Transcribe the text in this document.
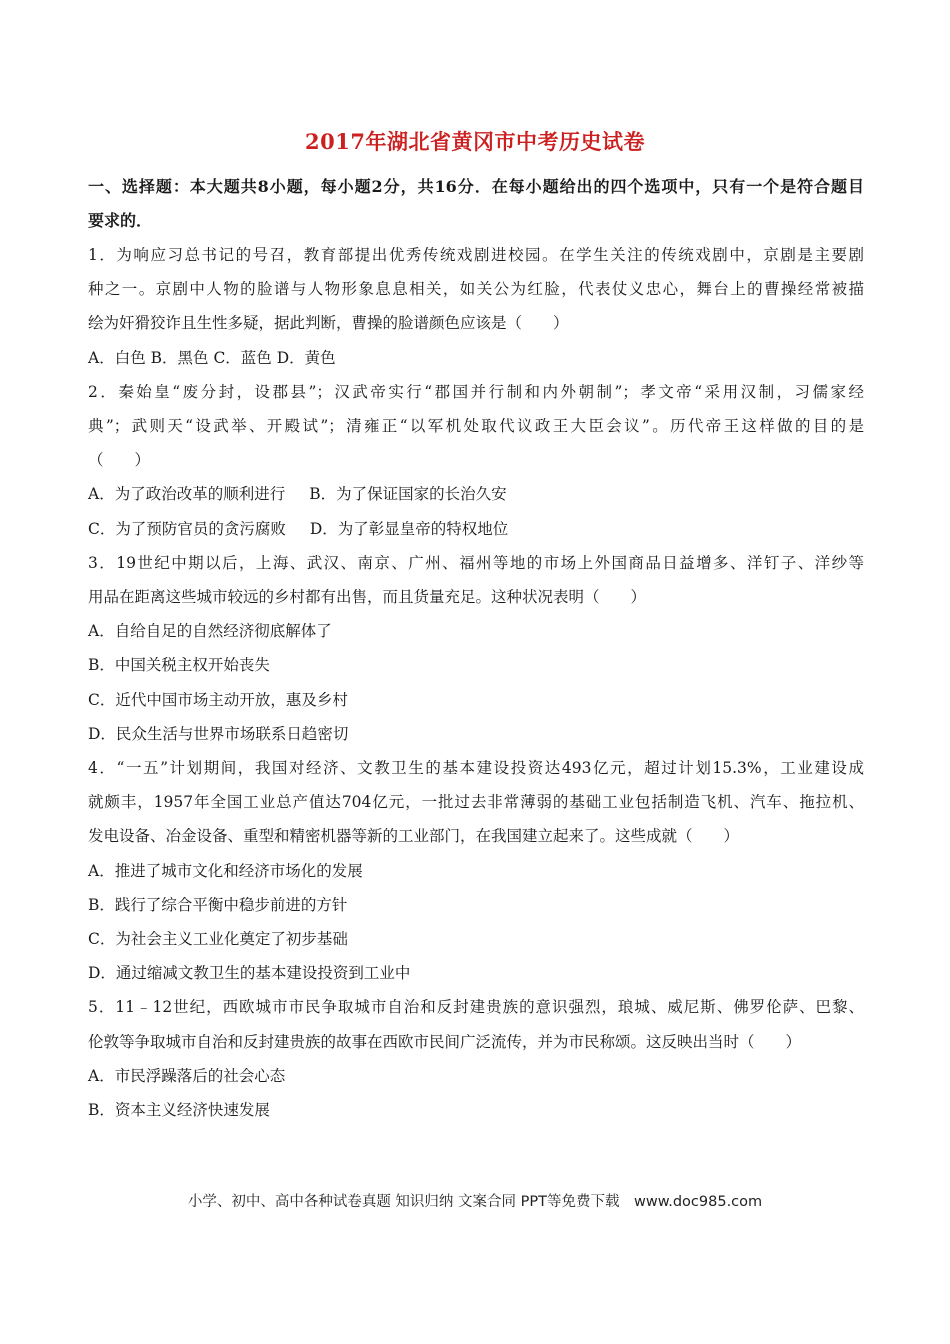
2017年湖北省黄冈市中考历史试卷

一、选择题：本大题共8小题，每小题2分，共16分．在每小题给出的四个选项中，只有一个是符合题目

要求的．

1．为响应习总书记的号召，教育部提出优秀传统戏剧进校园。在学生关注的传统戏剧中，京剧是主要剧

种之一。京剧中人物的脸谱与人物形象息息相关，如关公为红脸，代表仗义忠心，舞台上的曹操经常被描

绘为奸猾狡诈且生性多疑，据此判断，曹操的脸谱颜色应该是（　　）

A．白色 B．黑色 C．蓝色 D．黄色

2．秦始皇“废分封，设郡县”；汉武帝实行“郡国并行制和内外朝制”；孝文帝“采用汉制，习儒家经

典”；武则天“设武举、开殿试”；清雍正“以军机处取代议政王大臣会议”。历代帝王这样做的目的是

（　　）

A．为了政治改革的顺利进行 B．为了保证国家的长治久安

C．为了预防官员的贪污腐败 D．为了彰显皇帝的特权地位

3．19世纪中期以后，上海、武汉、南京、广州、福州等地的市场上外国商品日益增多、洋钉子、洋纱等

用品在距离这些城市较远的乡村都有出售，而且货量充足。这种状况表明（　　）

A．自给自足的自然经济彻底解体了

B．中国关税主权开始丧失

C．近代中国市场主动开放，惠及乡村

D．民众生活与世界市场联系日趋密切

4．“一五”计划期间，我国对经济、文教卫生的基本建设投资达493亿元，超过计划15.3%，工业建设成

就颇丰，1957年全国工业总产值达704亿元，一批过去非常薄弱的基础工业包括制造飞机、汽车、拖拉机、

发电设备、冶金设备、重型和精密机器等新的工业部门，在我国建立起来了。这些成就（　　）

A．推进了城市文化和经济市场化的发展

B．践行了综合平衡中稳步前进的方针

C．为社会主义工业化奠定了初步基础

D．通过缩减文教卫生的基本建设投资到工业中

5．11﹣12世纪，西欧城市市民争取城市自治和反封建贵族的意识强烈，琅城、威尼斯、佛罗伦萨、巴黎、

伦敦等争取城市自治和反封建贵族的故事在西欧市民间广泛流传，并为市民称颂。这反映出当时（　　）

A．市民浮躁落后的社会心态

B．资本主义经济快速发展

小学、初中、高中各种试卷真题 知识归纳 文案合同 PPT等免费下载　www.doc985.com
